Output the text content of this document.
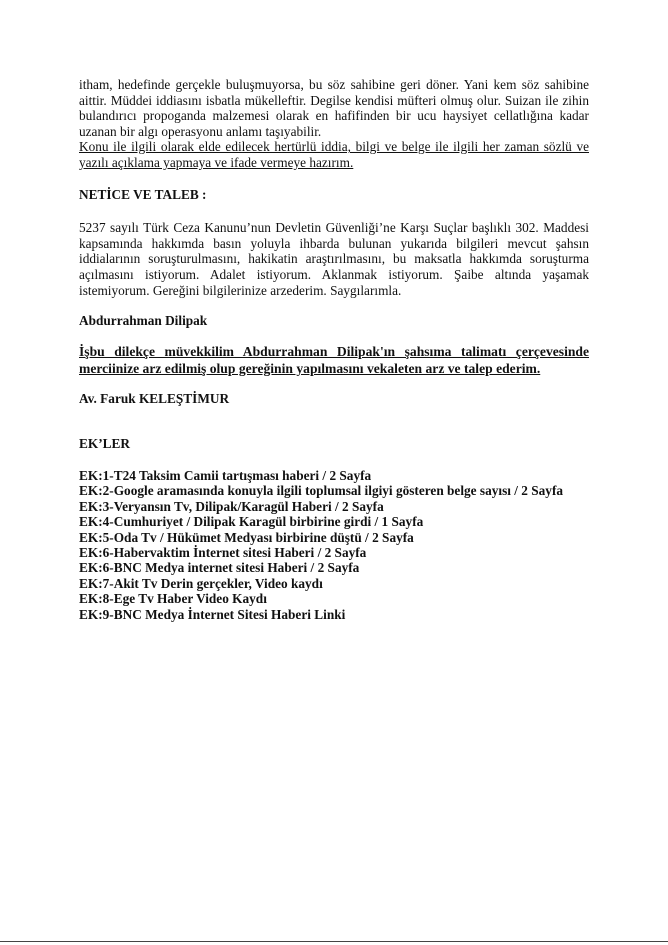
itham, hedefinde gerçekle buluşmuyorsa, bu söz sahibine geri döner. Yani kem söz sahibine aittir. Müddei iddiasını isbatla mükelleftir. Degilse kendisi müfteri olmuş olur. Suizan ile zihin bulandırıcı propoganda malzemesi olarak en hafifinden bir ucu haysiyet cellatlığına kadar uzanan bir algı operasyonu anlamı taşıyabilir.

Konu ile ilgili olarak elde edilecek hertürlü iddia, bilgi ve belge ile ilgili her zaman sözlü ve yazılı açıklama yapmaya ve ifade vermeye hazırım.

NETİCE VE TALEB :

5237 sayılı Türk Ceza Kanunu’nun Devletin Güvenliği’ne Karşı Suçlar başlıklı 302. Maddesi kapsamında hakkımda basın yoluyla ihbarda bulunan yukarıda bilgileri mevcut şahsın iddialarının soruşturulmasını, hakikatin araştırılmasını, bu maksatla hakkımda soruşturma açılmasını istiyorum. Adalet istiyorum. Aklanmak istiyorum. Şaibe altında yaşamak istemiyorum. Gereğini bilgilerinize arzederim. Saygılarımla.

Abdurrahman Dilipak

İşbu dilekçe müvekkilim Abdurrahman Dilipak'ın şahsıma talimatı çerçevesinde merciinize arz edilmiş olup gereğinin yapılmasını vekaleten arz ve talep ederim.

Av. Faruk KELEŞTİMUR

EK’LER

EK:1-T24 Taksim Camii tartışması haberi / 2 Sayfa
EK:2-Google aramasında konuyla ilgili toplumsal ilgiyi gösteren belge sayısı / 2 Sayfa
EK:3-Veryansın Tv, Dilipak/Karagül Haberi / 2 Sayfa
EK:4-Cumhuriyet / Dilipak Karagül birbirine girdi / 1 Sayfa
EK:5-Oda Tv / Hükümet Medyası birbirine düştü / 2 Sayfa
EK:6-Habervaktim İnternet sitesi Haberi / 2 Sayfa
EK:6-BNC Medya internet sitesi Haberi / 2 Sayfa
EK:7-Akit Tv Derin gerçekler, Video kaydı
EK:8-Ege Tv Haber Video Kaydı
EK:9-BNC Medya İnternet Sitesi Haberi Linki
